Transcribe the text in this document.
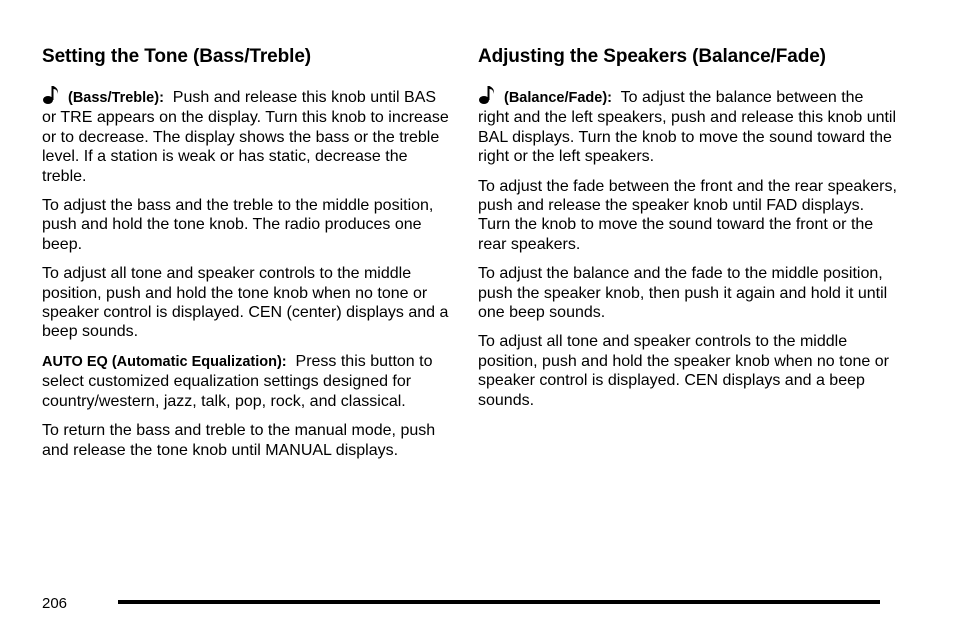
Setting the Tone (Bass/Treble)

(Bass/Treble): Push and release this knob until BAS or TRE appears on the display. Turn this knob to increase or to decrease. The display shows the bass or the treble level. If a station is weak or has static, decrease the treble.

To adjust the bass and the treble to the middle position, push and hold the tone knob. The radio produces one beep.

To adjust all tone and speaker controls to the middle position, push and hold the tone knob when no tone or speaker control is displayed. CEN (center) displays and a beep sounds.

AUTO EQ (Automatic Equalization): Press this button to select customized equalization settings designed for country/western, jazz, talk, pop, rock, and classical.

To return the bass and treble to the manual mode, push and release the tone knob until MANUAL displays.

Adjusting the Speakers (Balance/Fade)

(Balance/Fade): To adjust the balance between the right and the left speakers, push and release this knob until BAL displays. Turn the knob to move the sound toward the right or the left speakers.

To adjust the fade between the front and the rear speakers, push and release the speaker knob until FAD displays. Turn the knob to move the sound toward the front or the rear speakers.

To adjust the balance and the fade to the middle position, push the speaker knob, then push it again and hold it until one beep sounds.

To adjust all tone and speaker controls to the middle position, push and hold the speaker knob when no tone or speaker control is displayed. CEN displays and a beep sounds.

206
